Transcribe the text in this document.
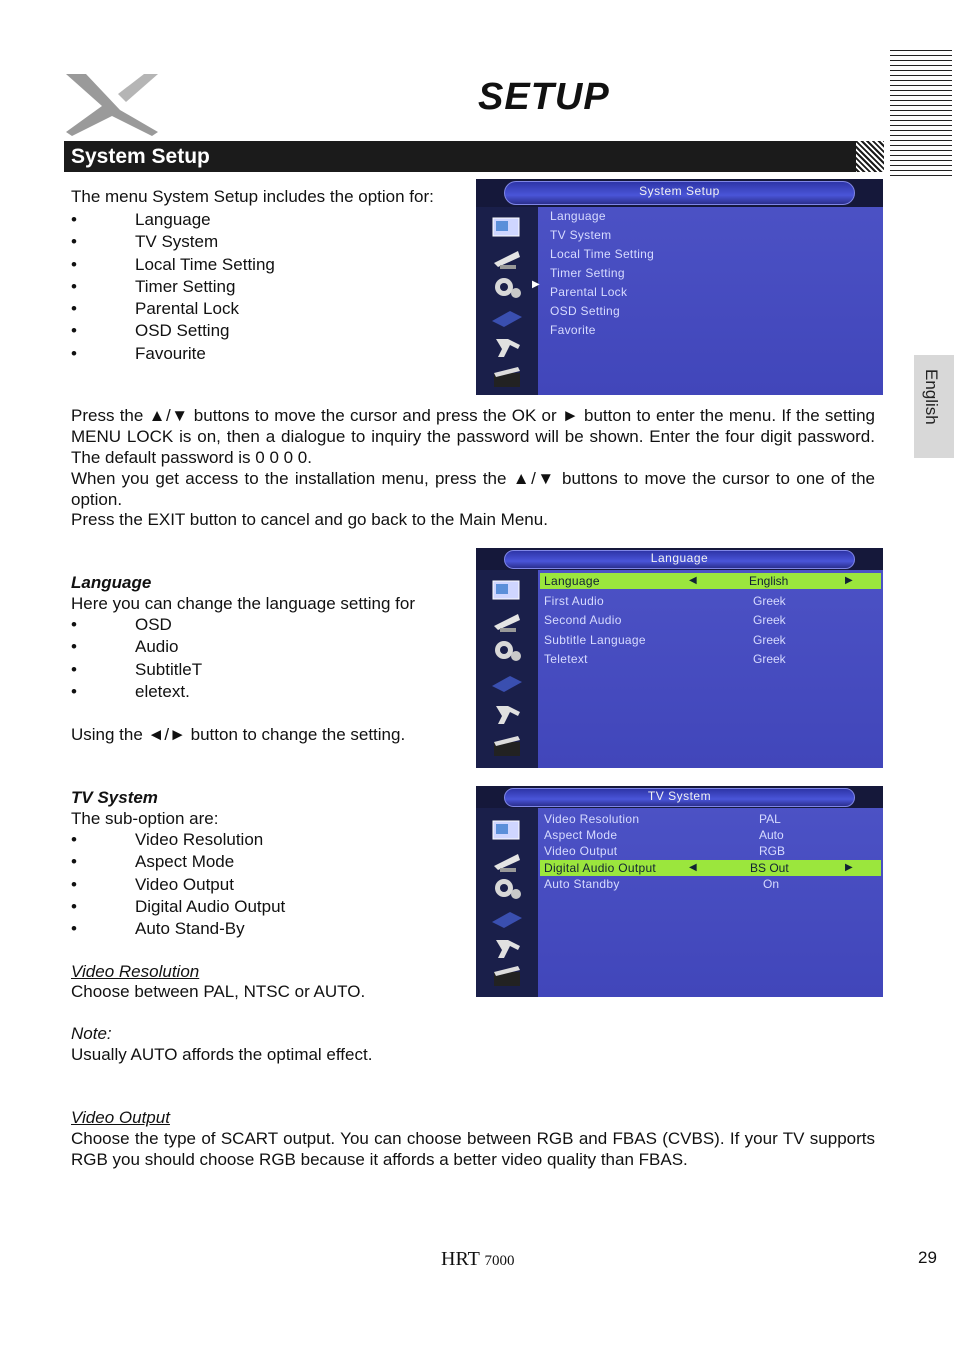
SETUP
System Setup
English
The menu System Setup includes the option for:
• Language
• TV System
• Local Time Setting
• Timer Setting
• Parental Lock
• OSD Setting
• Favourite
System Setup
▶
Language
TV System
Local Time Setting
Timer Setting
Parental Lock
OSD Setting
Favorite
Press the ▲/▼ buttons to move the cursor and press the OK or ► button to enter the menu. If the setting MENU LOCK is on, then a dialogue to inquiry the password will be shown. Enter the four digit password. The default password is 0 0 0 0.
When you get access to the installation menu, press the ▲/▼ buttons to move the cursor to one of the option.
Press the EXIT button to cancel and go back to the Main Menu.
Language
Here you can change the language setting for
• OSD
• Audio
• SubtitleT
• eletext.
Using the ◄/► button to change the setting.
Language
◀	▶
Language	English
First Audio	Greek
Second Audio	Greek
Subtitle Language	Greek
Teletext	Greek
TV System
The sub-option are:
• Video Resolution
• Aspect Mode
• Video Output
• Digital Audio Output
• Auto Stand-By
Video Resolution
Choose between PAL, NTSC or AUTO.
Note:
Usually AUTO affords the optimal effect.
Video Output
Choose the type of SCART output. You can choose between RGB and FBAS (CVBS). If your TV supports RGB you should choose RGB because it affords a better video quality than FBAS.
TV System
Video Resolution	PAL
Aspect Mode	Auto
Video Output	RGB
◀	▶
Digital Audio Output	BS Out
Auto Standby	On
HRT 7000	29
